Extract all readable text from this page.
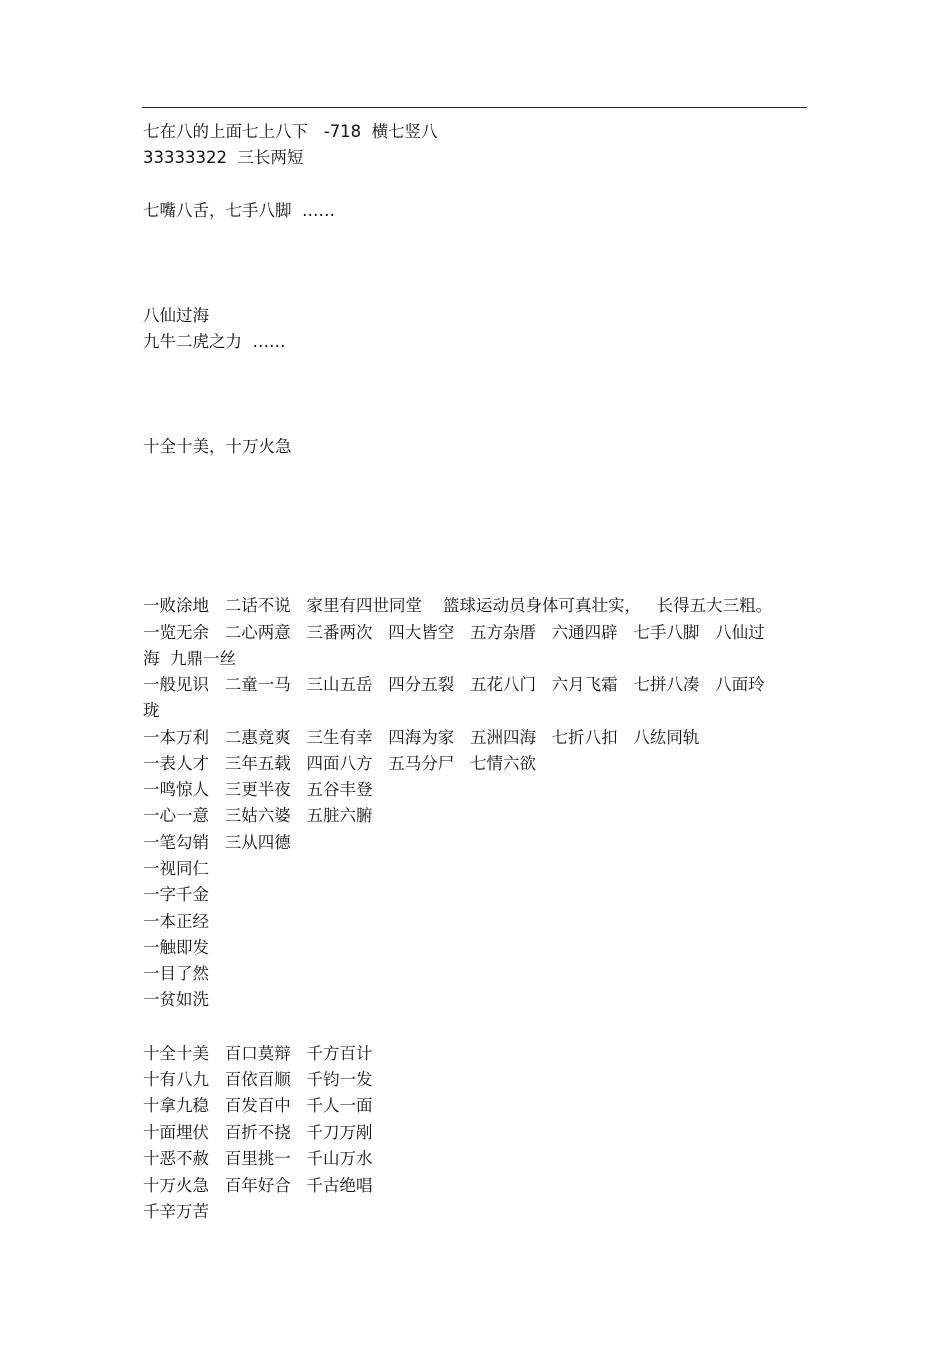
七在八的上面七上八下   -718  横七竖八
33333322  三长两短
七嘴八舌，七手八脚  ……
八仙过海
九牛二虎之力  ……
十全十美，十万火急
一败涂地   二话不说   家里有四世同堂    篮球运动员身体可真壮实，   长得五大三粗。
一览无余   二心两意   三番两次   四大皆空   五方杂厝   六通四辟   七手八脚   八仙过
海  九鼎一丝
一般见识   二童一马   三山五岳   四分五裂   五花八门   六月飞霜   七拼八凑   八面玲
珑
一本万利   二惠竞爽   三生有幸   四海为家   五洲四海   七折八扣   八纮同轨
一表人才   三年五载   四面八方   五马分尸   七情六欲
一鸣惊人   三更半夜   五谷丰登
一心一意   三姑六婆   五脏六腑
一笔勾销   三从四德
一视同仁
一字千金
一本正经
一触即发
一目了然
一贫如洗
十全十美   百口莫辩   千方百计
十有八九   百依百顺   千钧一发
十拿九稳   百发百中   千人一面
十面埋伏   百折不挠   千刀万剐
十恶不赦   百里挑一   千山万水
十万火急   百年好合   千古绝唱
千辛万苦
